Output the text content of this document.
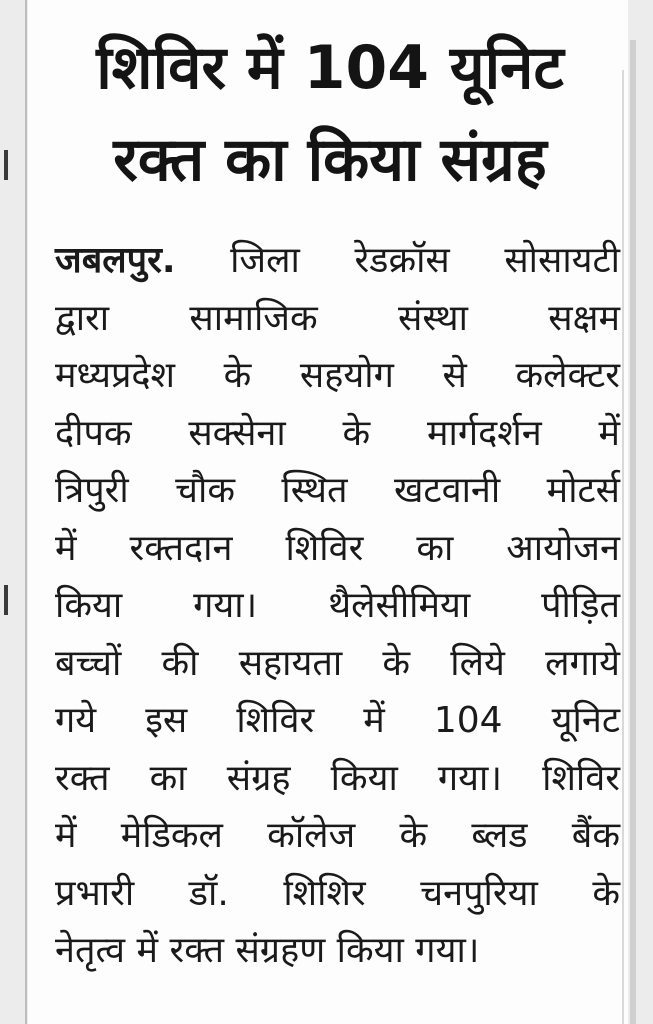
शिविर में 104 यूनिट
रक्त का किया संग्रह
जबलपुर. जिला रेडक्रॉस सोसायटी
द्वारा सामाजिक संस्था सक्षम
मध्यप्रदेश के सहयोग से कलेक्टर
दीपक सक्सेना के मार्गदर्शन में
त्रिपुरी चौक स्थित खटवानी मोटर्स
में रक्तदान शिविर का आयोजन
किया गया। थैलेसीमिया पीड़ित
बच्चों की सहायता के लिये लगाये
गये इस शिविर में 104 यूनिट
रक्त का संग्रह किया गया। शिविर
में मेडिकल कॉलेज के ब्लड बैंक
प्रभारी डॉ. शिशिर चनपुरिया के
नेतृत्व में रक्त संग्रहण किया गया।
